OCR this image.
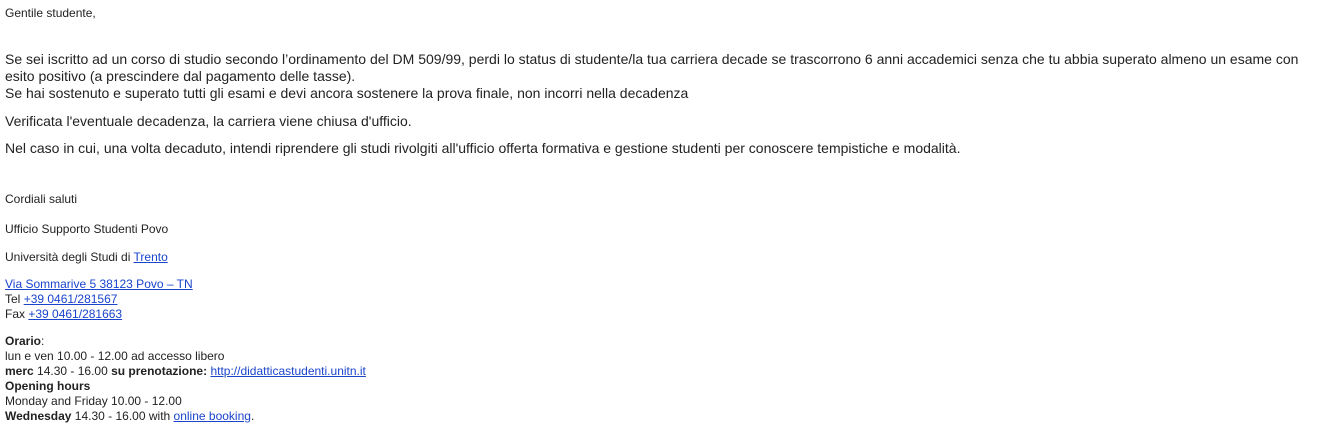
Gentile studente,

Se sei iscritto ad un corso di studio secondo l’ordinamento del DM 509/99, perdi lo status di studente/la tua carriera decade se trascorrono 6 anni accademici senza che tu abbia superato almeno un esame con

esito positivo (a prescindere dal pagamento delle tasse).

Se hai sostenuto e superato tutti gli esami e devi ancora sostenere la prova finale, non incorri nella decadenza

Verificata l'eventuale decadenza, la carriera viene chiusa d'ufficio.

Nel caso in cui, una volta decaduto, intendi riprendere gli studi rivolgiti all'ufficio offerta formativa e gestione studenti per conoscere tempistiche e modalità.

Cordiali saluti

Ufficio Supporto Studenti Povo

Università degli Studi di Trento

Via Sommarive 5 38123 Povo – TN

Tel +39 0461/281567

Fax +39 0461/281663

Orario:

lun e ven 10.00 - 12.00 ad accesso libero

merc 14.30 - 16.00 su prenotazione: http://didatticastudenti.unitn.it

Opening hours

Monday and Friday 10.00 - 12.00

Wednesday 14.30 - 16.00 with online booking.
